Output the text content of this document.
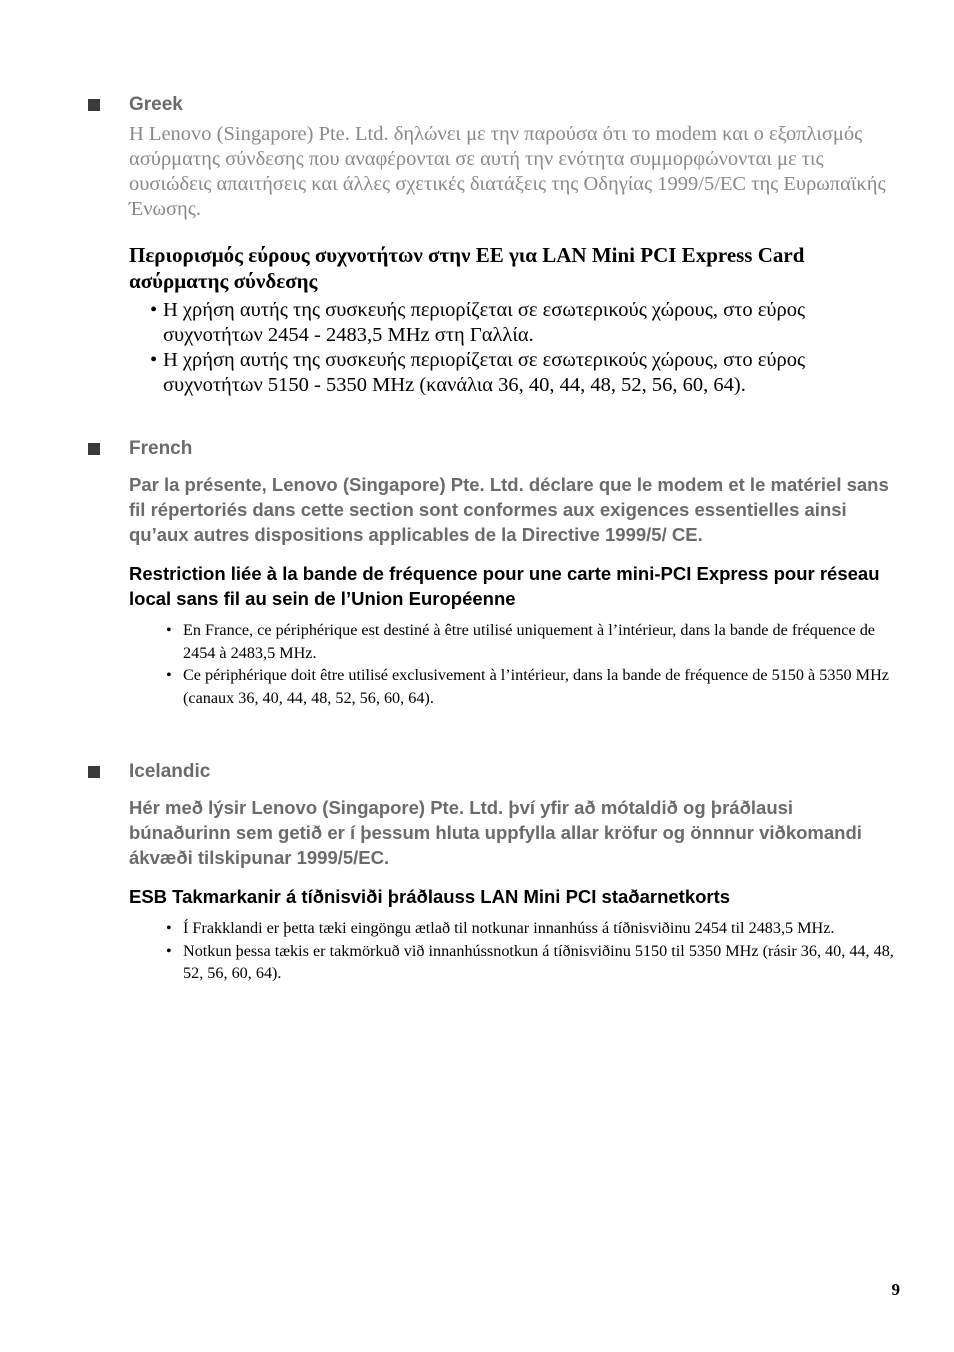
Greek
Η Lenovo (Singapore) Pte. Ltd. δηλώνει με την παρούσα ότι το modem και ο εξοπλισμός ασύρματης σύνδεσης που αναφέρονται σε αυτή την ενότητα συμμορφώνονται με τις ουσιώδεις απαιτήσεις και άλλες σχετικές διατάξεις της Οδηγίας 1999/5/EC της Ευρωπαϊκής Ένωσης.
Περιορισμός εύρους συχνοτήτων στην ΕΕ για LAN Mini PCI Express Card ασύρματης σύνδεσης
• Η χρήση αυτής της συσκευής περιορίζεται σε εσωτερικούς χώρους, στο εύρος συχνοτήτων 2454 - 2483,5 MHz στη Γαλλία.
• Η χρήση αυτής της συσκευής περιορίζεται σε εσωτερικούς χώρους, στο εύρος συχνοτήτων 5150 - 5350 MHz (κανάλια 36, 40, 44, 48, 52, 56, 60, 64).
French
Par la présente, Lenovo (Singapore) Pte. Ltd. déclare que le modem et le matériel sans fil répertoriés dans cette section sont conformes aux exigences essentielles ainsi qu’aux autres dispositions applicables de la Directive 1999/5/ CE.
Restriction liée à la bande de fréquence pour une carte mini-PCI Express pour réseau local sans fil au sein de l’Union Européenne
• En France, ce périphérique est destiné à être utilisé uniquement à l’intérieur, dans la bande de fréquence de 2454 à 2483,5 MHz.
• Ce périphérique doit être utilisé exclusivement à l’intérieur, dans la bande de fréquence de 5150 à 5350 MHz (canaux 36, 40, 44, 48, 52, 56, 60, 64).
Icelandic
Hér með lýsir Lenovo (Singapore) Pte. Ltd. því yfir að mótaldið og þráðlausi búnaðurinn sem getið er í þessum hluta uppfylla allar kröfur og önnnur viðkomandi ákvæði tilskipunar 1999/5/EC.
ESB Takmarkanir á tíðnisviði þráðlauss LAN Mini PCI staðarnetkorts
• Í Frakklandi er þetta tæki eingöngu ætlað til notkunar innanhúss á tíðnisviðinu 2454 til 2483,5 MHz.
• Notkun þessa tækis er takmörkuð við innanhússnotkun á tíðnisviðinu 5150 til 5350 MHz (rásir 36, 40, 44, 48, 52, 56, 60, 64).
9
